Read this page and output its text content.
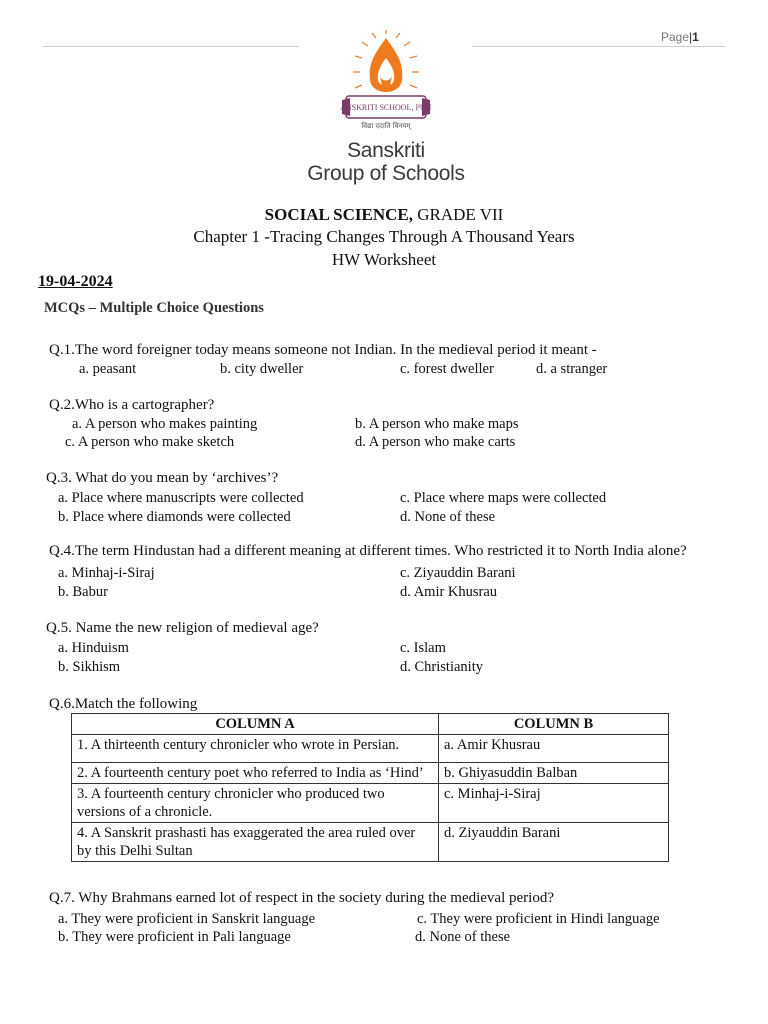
Page|1
SANSKRITI SCHOOL, PUNE
विद्या ददाति विनयम्
Sanskriti
Group of Schools
SOCIAL SCIENCE, GRADE VII
Chapter 1 -Tracing Changes Through A Thousand Years
HW Worksheet
19-04-2024
MCQs – Multiple Choice Questions
Q.1.The word foreigner today means someone not Indian. In the medieval period it meant -
a. peasant	b. city dweller	c. forest dweller	d. a stranger
Q.2.Who is a cartographer?
a. A person who makes painting	b. A person who make maps
c. A person who make sketch	d. A person who make carts
Q.3. What do you mean by ‘archives’?
a. Place where manuscripts were collected	c. Place where maps were collected
b. Place where diamonds were collected	d. None of these
Q.4.The term Hindustan had a different meaning at different times. Who restricted it to North India alone?
a. Minhaj-i-Siraj	c. Ziyauddin Barani
b. Babur	d. Amir Khusrau
Q.5. Name the new religion of medieval age?
a. Hinduism	c. Islam
b. Sikhism	d. Christianity
Q.6.Match the following
COLUMN A	COLUMN B
1. A thirteenth century chronicler who wrote in Persian.	a. Amir Khusrau
2. A fourteenth century poet who referred to India as ‘Hind’	b. Ghiyasuddin Balban
3. A fourteenth century chronicler who produced two versions of a chronicle.	c. Minhaj-i-Siraj
4. A Sanskrit prashasti has exaggerated the area ruled over by this Delhi Sultan	d. Ziyauddin Barani
Q.7. Why Brahmans earned lot of respect in the society during the medieval period?
a. They were proficient in Sanskrit language	c. They were proficient in Hindi language
b. They were proficient in Pali language	d. None of these
